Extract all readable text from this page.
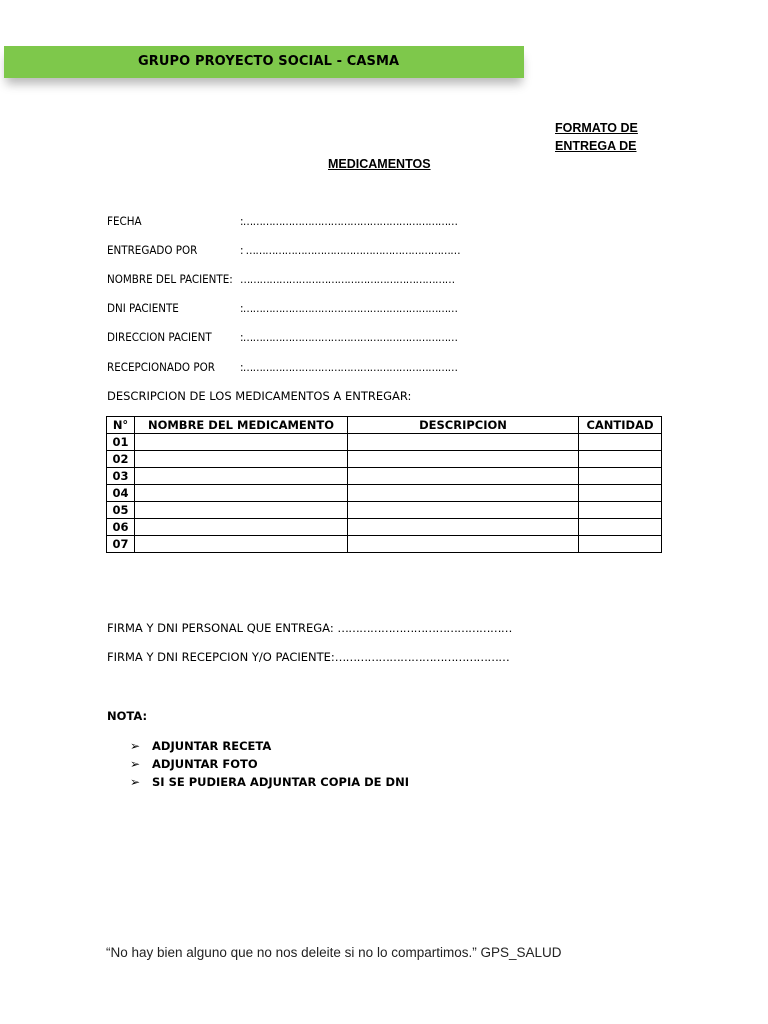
GRUPO PROYECTO SOCIAL - CASMA
FORMATO DE
ENTREGA DE
MEDICAMENTOS
FECHA	:…………………………………………………………
ENTREGADO POR	: …………………………………………………………
NOMBRE DEL PACIENTE: …………………………………………………………
DNI PACIENTE	:…………………………………………………………
DIRECCION PACIENT :…………………………………………………………
RECEPCIONADO POR :…………………………………………………………
DESCRIPCION DE LOS MEDICAMENTOS A ENTREGAR:
N°	NOMBRE DEL MEDICAMENTO	DESCRIPCION	CANTIDAD
01			
02			
03			
04			
05			
06			
07			
FIRMA Y DNI PERSONAL QUE ENTREGA: …………………………………………
FIRMA Y DNI RECEPCION Y/O PACIENTE:…………………………………………
NOTA:
➢	ADJUNTAR RECETA
➢	ADJUNTAR FOTO
➢	SI SE PUDIERA ADJUNTAR COPIA DE DNI
“No hay bien alguno que no nos deleite si no lo compartimos.” GPS_SALUD
